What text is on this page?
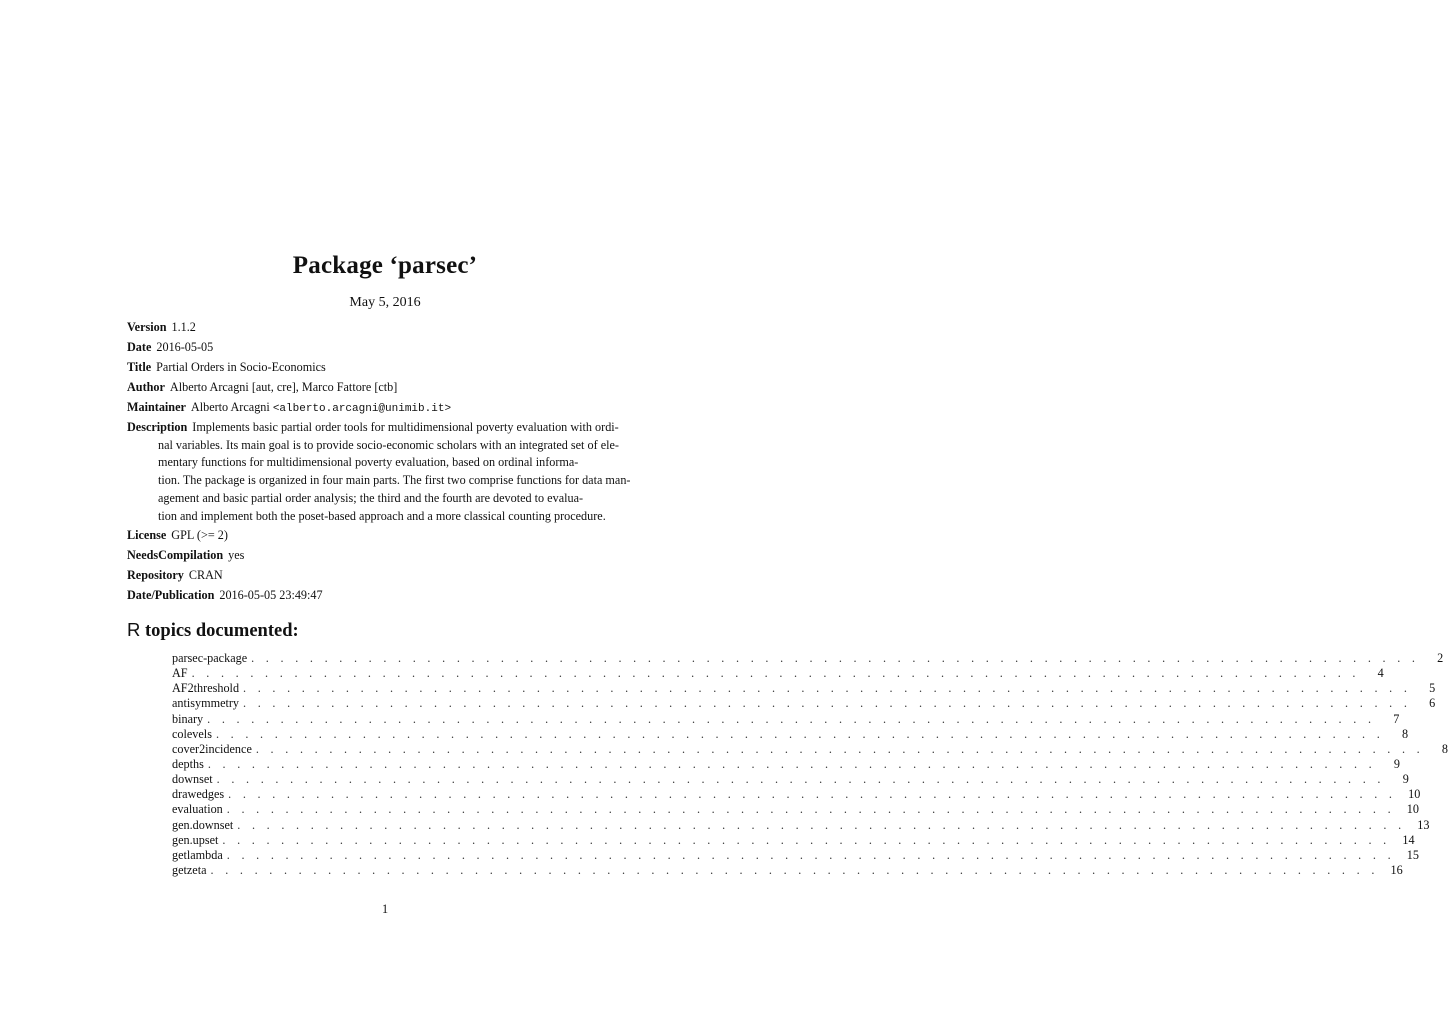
Package ‘parsec’
May 5, 2016
Version 1.1.2
Date 2016-05-05
Title Partial Orders in Socio-Economics
Author Alberto Arcagni [aut, cre], Marco Fattore [ctb]
Maintainer Alberto Arcagni <alberto.arcagni@unimib.it>
Description Implements basic partial order tools for multidimensional poverty evaluation with ordi-
nal variables. Its main goal is to provide socio-economic scholars with an integrated set of ele-
mentary functions for multidimensional poverty evaluation, based on ordinal informa-
tion. The package is organized in four main parts. The first two comprise functions for data man-
agement and basic partial order analysis; the third and the fourth are devoted to evalua-
tion and implement both the poset-based approach and a more classical counting procedure.
License GPL (>= 2)
NeedsCompilation yes
Repository CRAN
Date/Publication 2016-05-05 23:49:47
R topics documented:
parsec-package . . . . . . . . . . . . . . . . . . . . . . . . . . . . . . . . . . . . . . . . . . . . . . . . . . . . . . . . . . . . . . . . . . . . . . . . . . . . . . . .	2
AF . . . . . . . . . . . . . . . . . . . . . . . . . . . . . . . . . . . . . . . . . . . . . . . . . . . . . . . . . . . . . . . . . . . . . . . . . . . . . . . .	4
AF2threshold . . . . . . . . . . . . . . . . . . . . . . . . . . . . . . . . . . . . . . . . . . . . . . . . . . . . . . . . . . . . . . . . . . . . . . . . . . . . . . . .	5
antisymmetry . . . . . . . . . . . . . . . . . . . . . . . . . . . . . . . . . . . . . . . . . . . . . . . . . . . . . . . . . . . . . . . . . . . . . . . . . . . . . . . .	6
binary . . . . . . . . . . . . . . . . . . . . . . . . . . . . . . . . . . . . . . . . . . . . . . . . . . . . . . . . . . . . . . . . . . . . . . . . . . . . . . . .	7
colevels . . . . . . . . . . . . . . . . . . . . . . . . . . . . . . . . . . . . . . . . . . . . . . . . . . . . . . . . . . . . . . . . . . . . . . . . . . . . . . . .	8
cover2incidence . . . . . . . . . . . . . . . . . . . . . . . . . . . . . . . . . . . . . . . . . . . . . . . . . . . . . . . . . . . . . . . . . . . . . . . . . . . . . . . .	8
depths . . . . . . . . . . . . . . . . . . . . . . . . . . . . . . . . . . . . . . . . . . . . . . . . . . . . . . . . . . . . . . . . . . . . . . . . . . . . . . . .	9
downset . . . . . . . . . . . . . . . . . . . . . . . . . . . . . . . . . . . . . . . . . . . . . . . . . . . . . . . . . . . . . . . . . . . . . . . . . . . . . . . .	9
drawedges . . . . . . . . . . . . . . . . . . . . . . . . . . . . . . . . . . . . . . . . . . . . . . . . . . . . . . . . . . . . . . . . . . . . . . . . . . . . . . . . 10
evaluation . . . . . . . . . . . . . . . . . . . . . . . . . . . . . . . . . . . . . . . . . . . . . . . . . . . . . . . . . . . . . . . . . . . . . . . . . . . . . . . . 10
gen.downset . . . . . . . . . . . . . . . . . . . . . . . . . . . . . . . . . . . . . . . . . . . . . . . . . . . . . . . . . . . . . . . . . . . . . . . . . . . . . . . . 13
gen.upset . . . . . . . . . . . . . . . . . . . . . . . . . . . . . . . . . . . . . . . . . . . . . . . . . . . . . . . . . . . . . . . . . . . . . . . . . . . . . . . . 14
getlambda . . . . . . . . . . . . . . . . . . . . . . . . . . . . . . . . . . . . . . . . . . . . . . . . . . . . . . . . . . . . . . . . . . . . . . . . . . . . . . . . 15
getzeta . . . . . . . . . . . . . . . . . . . . . . . . . . . . . . . . . . . . . . . . . . . . . . . . . . . . . . . . . . . . . . . . . . . . . . . . . . . . . . . . 16
1
